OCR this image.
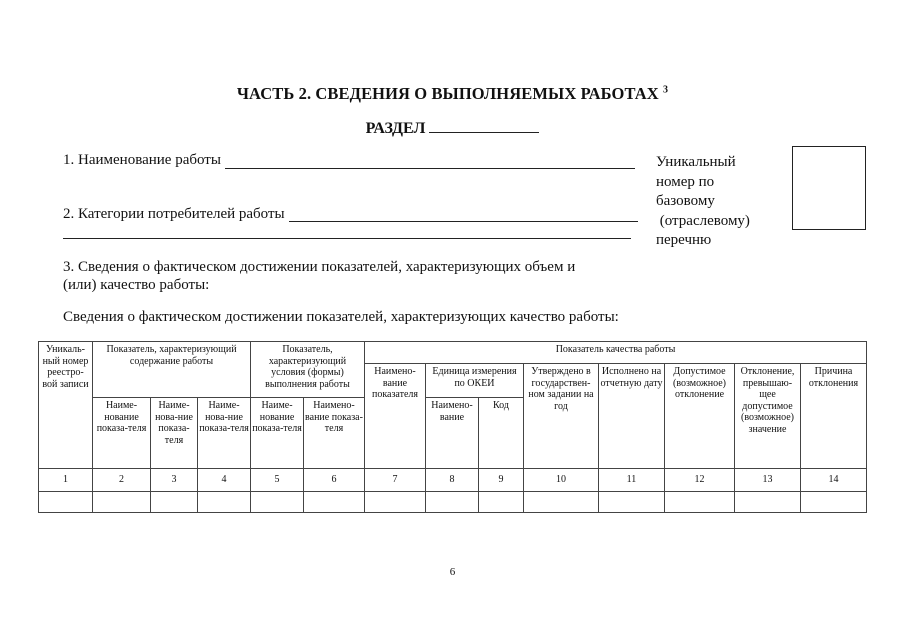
ЧАСТЬ 2. СВЕДЕНИЯ О ВЫПОЛНЯЕМЫХ РАБОТАХ $^3$
РАЗДЕЛ
1. Наименование работы
2. Категории потребителей работы
Уникальный
номер по
базовому
(отраслевому)
перечню
3. Сведения о фактическом достижении показателей, характеризующих объем и
(или) качество работы:
Сведения о фактическом достижении показателей, характеризующих качество работы:
Уникаль-ный номер реестро-вой записи	Показатель, характеризующий содержание работы			Показатель, характеризующий условия (формы) выполнения работы		Показатель качества работы							
						Наимено-вание показателя	Единица измерения по ОКЕИ		Утверждено в государствен-ном задании на год	Исполнено на отчетную дату	Допустимое (возможное) отклонение	Отклонение, превышаю-щее допустимое (возможное) значение	Причина отклонения
	Наиме-нование показа-теля	Наиме-нова-ние показа-теля	Наиме-нова-ние показа-теля	Наиме-нование показа-теля	Наимено-вание показа-теля		Наимено-вание	Код					
1	2	3	4	5	6	7	8	9	10	11	12	13	14

6
